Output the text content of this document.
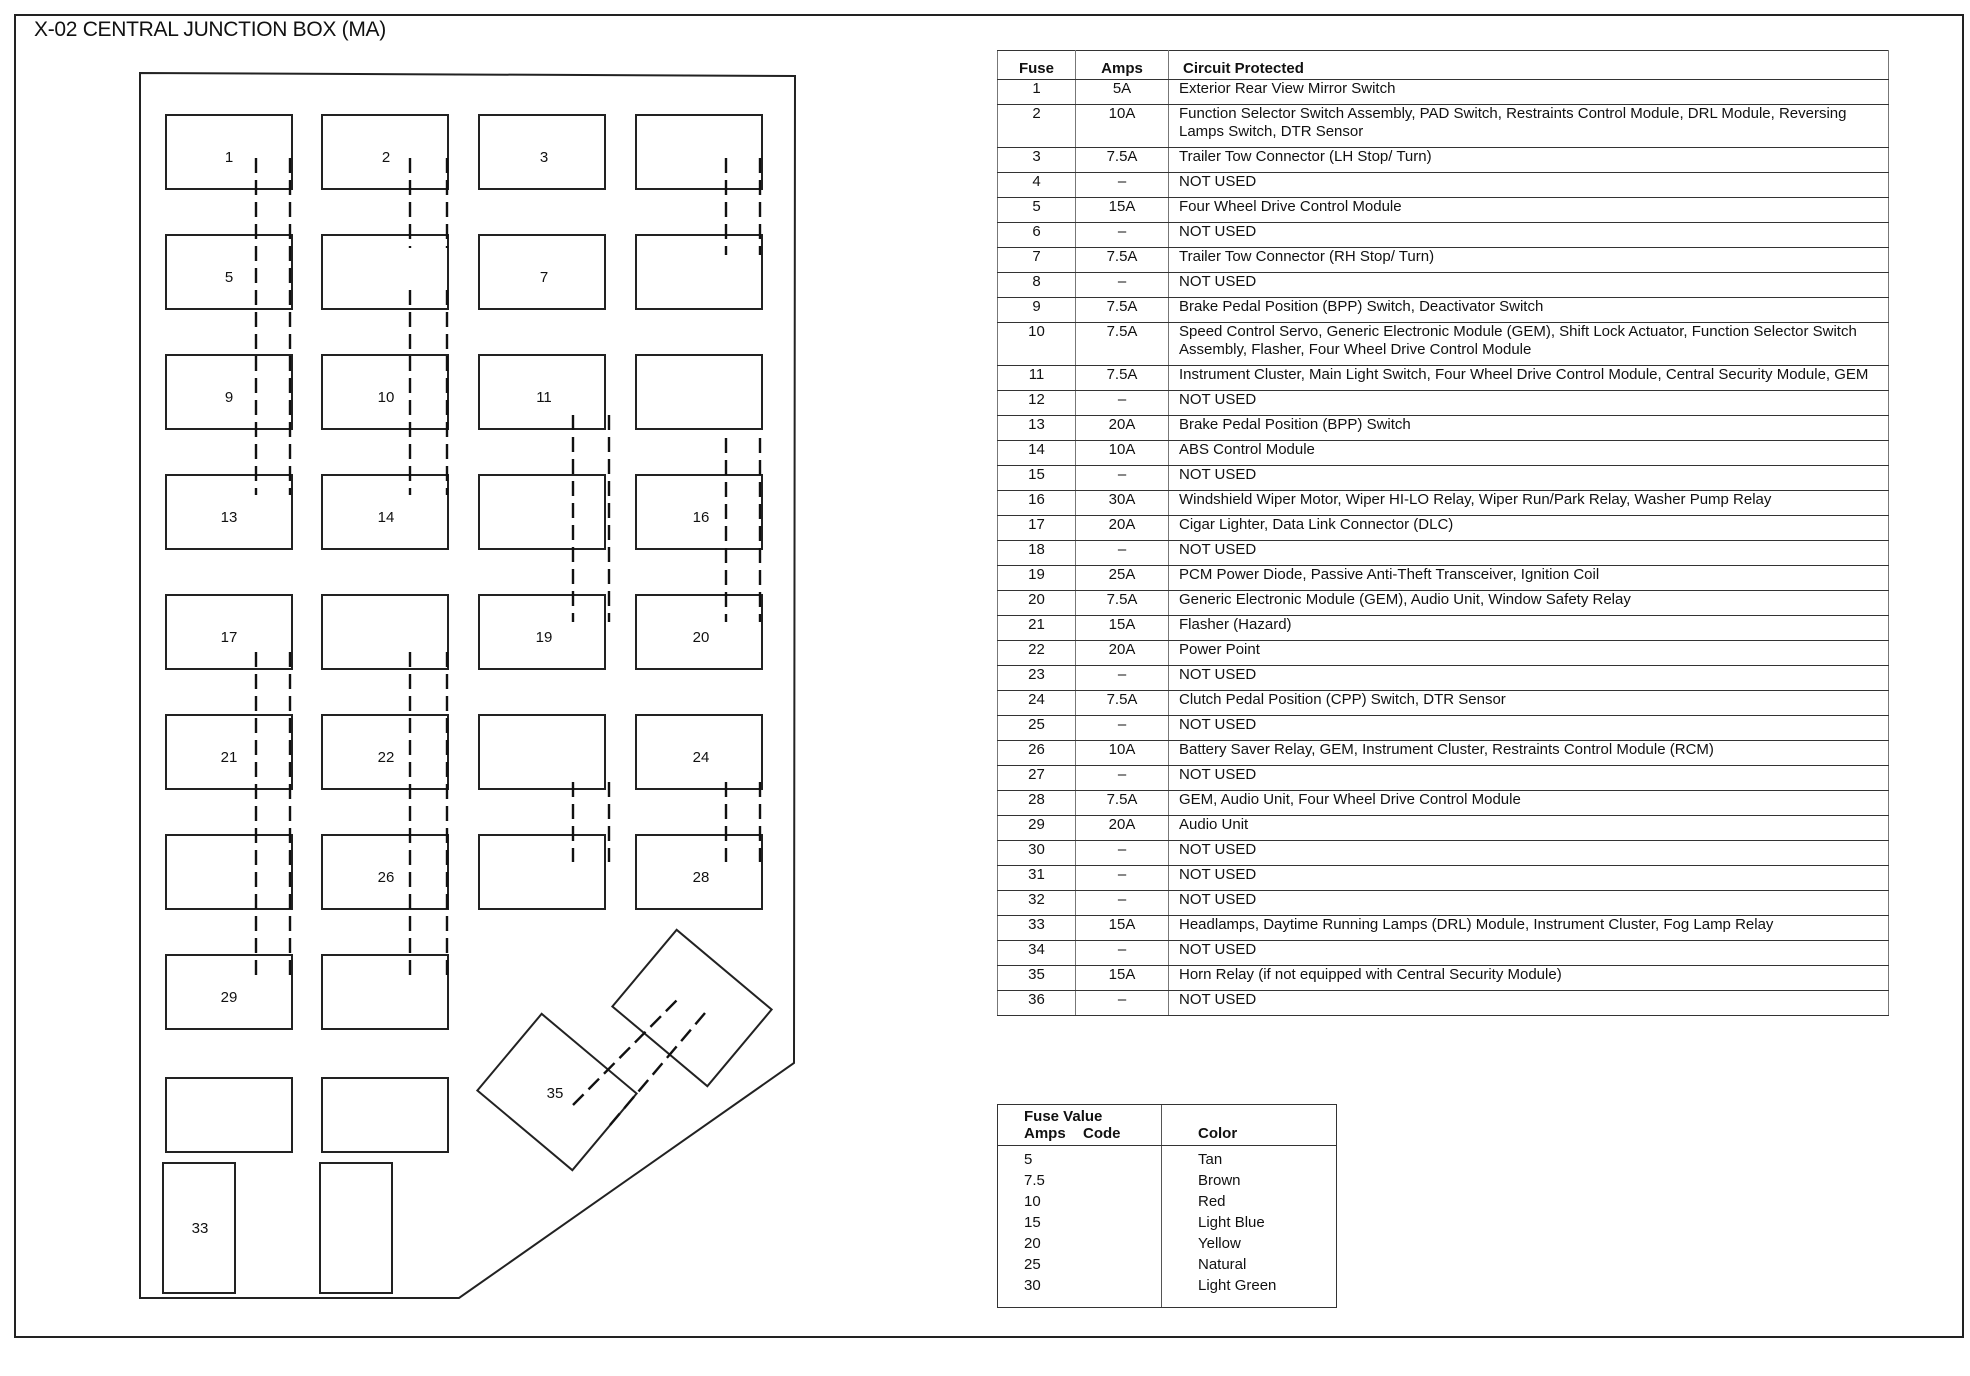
X-02 CENTRAL JUNCTION BOX (MA)
1	2	3
5	7
9	10	11
13	14	16
17	19	20
21	22	24
26	28
29
33
35
Fuse	Amps	Circuit Protected
1	5A	Exterior Rear View Mirror Switch
2	10A	Function Selector Switch Assembly, PAD Switch, Restraints Control Module, DRL Module, Reversing Lamps Switch, DTR Sensor
3	7.5A	Trailer Tow Connector (LH Stop/ Turn)
4	–	NOT USED
5	15A	Four Wheel Drive Control Module
6	–	NOT USED
7	7.5A	Trailer Tow Connector (RH Stop/ Turn)
8	–	NOT USED
9	7.5A	Brake Pedal Position (BPP) Switch, Deactivator Switch
10	7.5A	Speed Control Servo, Generic Electronic Module (GEM), Shift Lock Actuator, Function Selector Switch Assembly, Flasher, Four Wheel Drive Control Module
11	7.5A	Instrument Cluster, Main Light Switch, Four Wheel Drive Control Module, Central Security Module, GEM
12	–	NOT USED
13	20A	Brake Pedal Position (BPP) Switch
14	10A	ABS Control Module
15	–	NOT USED
16	30A	Windshield Wiper Motor, Wiper HI-LO Relay, Wiper Run/Park Relay, Washer Pump Relay
17	20A	Cigar Lighter, Data Link Connector (DLC)
18	–	NOT USED
19	25A	PCM Power Diode, Passive Anti-Theft Transceiver, Ignition Coil
20	7.5A	Generic Electronic Module (GEM), Audio Unit, Window Safety Relay
21	15A	Flasher (Hazard)
22	20A	Power Point
23	–	NOT USED
24	7.5A	Clutch Pedal Position (CPP) Switch, DTR Sensor
25	–	NOT USED
26	10A	Battery Saver Relay, GEM, Instrument Cluster, Restraints Control Module (RCM)
27	–	NOT USED
28	7.5A	GEM, Audio Unit, Four Wheel Drive Control Module
29	20A	Audio Unit
30	–	NOT USED
31	–	NOT USED
32	–	NOT USED
33	15A	Headlamps, Daytime Running Lamps (DRL) Module, Instrument Cluster, Fog Lamp Relay
34	–	NOT USED
35	15A	Horn Relay (if not equipped with Central Security Module)
36	–	NOT USED
Fuse Value
Amps Code	Color
5	Tan
7.5	Brown
10	Red
15	Light Blue
20	Yellow
25	Natural
30	Light Green
